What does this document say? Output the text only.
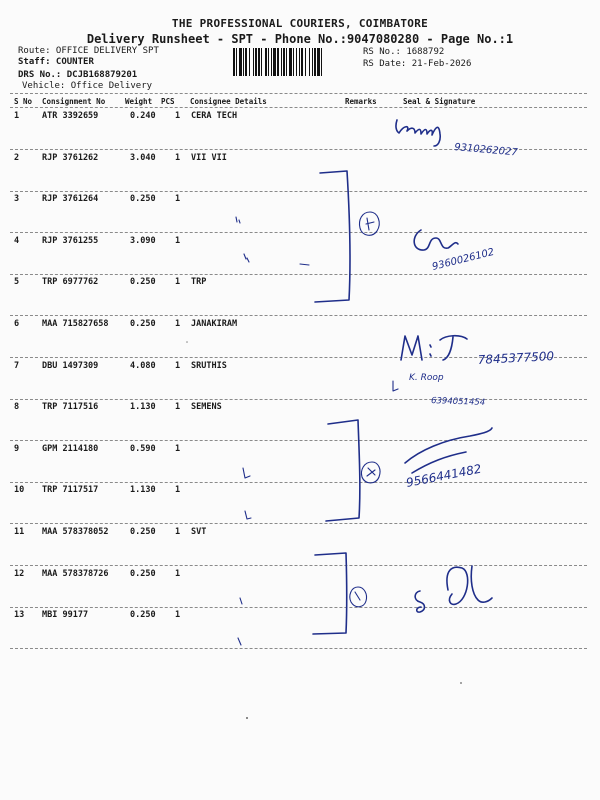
THE PROFESSIONAL COURIERS, COIMBATORE
Delivery Runsheet - SPT - Phone No.:9047080280 - Page No.:1
Route: OFFICE DELIVERY SPT
Staff: COUNTER
DRS No.: DCJB168879201
Vehicle: Office Delivery
RS No.: 1688792
RS Date: 21-Feb-2026
S No Consignment No	Weight PCS Consignee Details	Remarks	Seal & Signature
1	ATR 3392659	0.240 1 CERA TECH
2	RJP 3761262	3.040 1 VII VII
3	RJP 3761264	0.250 1
4	RJP 3761255	3.090 1
5	TRP 6977762	0.250 1 TRP
6	MAA 715827658	0.250 1 JANAKIRAM
7	DBU 1497309	4.080 1 SRUTHIS
8	TRP 7117516	1.130 1 SEMENS
9	GPM 2114180	0.590 1
10 TRP 7117517	1.130 1
11 MAA 578378052	0.250 1 SVT
12 MAA 578378726	0.250 1
13 MBI 99177	0.250 1
9310262027
9360026102
7845377500
K. Roop
6394051454
9566441482
